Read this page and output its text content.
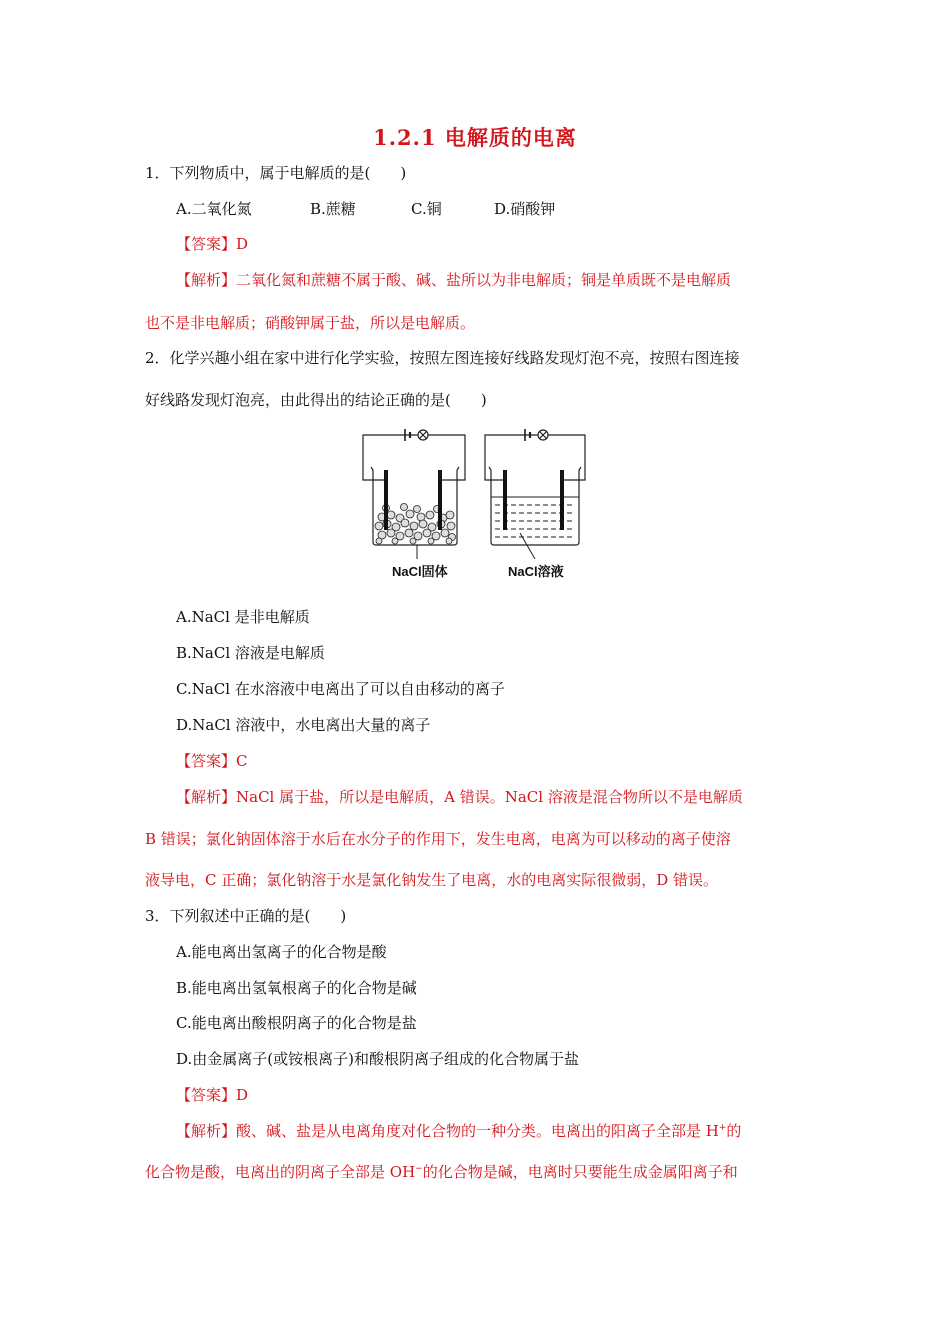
1.2.1 电解质的电离
1．下列物质中，属于电解质的是(　　)
A.二氧化氮	B.蔗糖	C.铜	D.硝酸钾
【答案】D
【解析】二氧化氮和蔗糖不属于酸、碱、盐所以为非电解质；铜是单质既不是电解质
也不是非电解质；硝酸钾属于盐，所以是电解质。
2．化学兴趣小组在家中进行化学实验，按照左图连接好线路发现灯泡不亮，按照右图连接
好线路发现灯泡亮，由此得出的结论正确的是(　　)
NaCl固体	NaCl溶液
A.NaCl 是非电解质
B.NaCl 溶液是电解质
C.NaCl 在水溶液中电离出了可以自由移动的离子
D.NaCl 溶液中，水电离出大量的离子
【答案】C
【解析】NaCl 属于盐，所以是电解质，A 错误。NaCl 溶液是混合物所以不是电解质
B 错误；氯化钠固体溶于水后在水分子的作用下，发生电离，电离为可以移动的离子使溶
液导电，C 正确；氯化钠溶于水是氯化钠发生了电离，水的电离实际很微弱，D 错误。
3．下列叙述中正确的是(　　)
A.能电离出氢离子的化合物是酸
B.能电离出氢氧根离子的化合物是碱
C.能电离出酸根阴离子的化合物是盐
D.由金属离子(或铵根离子)和酸根阴离子组成的化合物属于盐
【答案】D
【解析】酸、碱、盐是从电离角度对化合物的一种分类。电离出的阳离子全部是 H+的
化合物是酸，电离出的阴离子全部是 OH−的化合物是碱，电离时只要能生成金属阳离子和
